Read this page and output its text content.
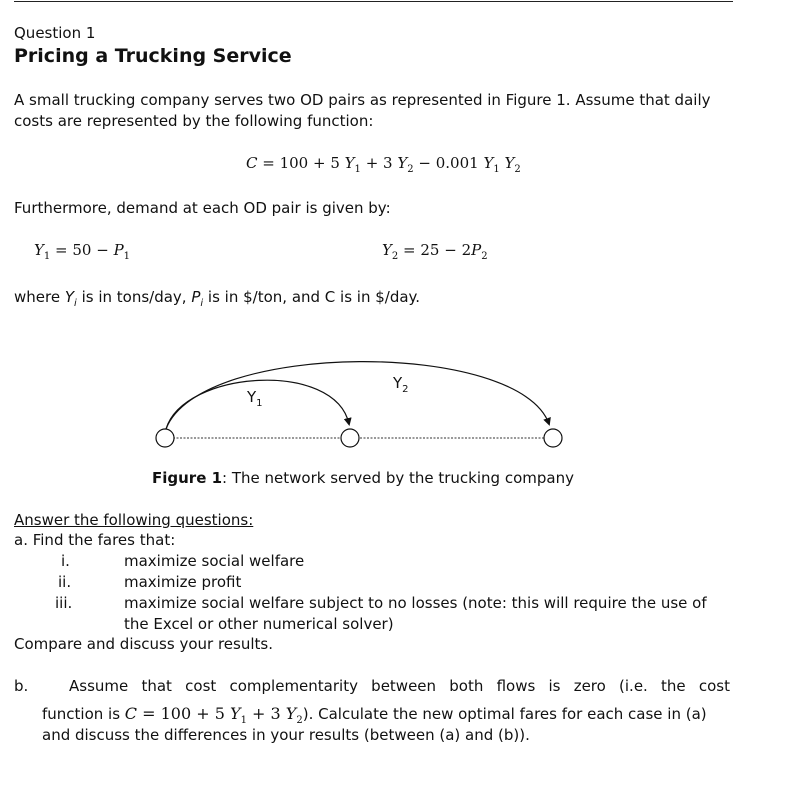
Question 1
Pricing a Trucking Service
A small trucking company serves two OD pairs as represented in Figure 1. Assume that daily costs are represented by the following function:
C = 100 + 5 $Y_1 + 3$ $Y_2 - 0.001$ $Y_1$ $Y_2$
Furthermore, demand at each OD pair is given by:
$Y_1 = 50 - P_1$	$Y_2 = 25 - 2P_2$
where $Y_i$ is in tons/day, $P_i$ is in $/ton, and C is in $/day.
$Y_1$
$Y_2$
Figure 1: The network served by the trucking company
Answer the following questions:
a. Find the fares that:
i.	maximize social welfare
ii.	maximize profit
iii.	maximize social welfare subject to no losses (note: this will require the use of the Excel or other numerical solver)
Compare and discuss your results.
b.	Assume that cost complementarity between both flows is zero (i.e. the cost
function is C = 100 + 5 $Y_1 + 3$ $Y_2$). Calculate the new optimal fares for each case in (a)
and discuss the differences in your results (between (a) and (b)).
